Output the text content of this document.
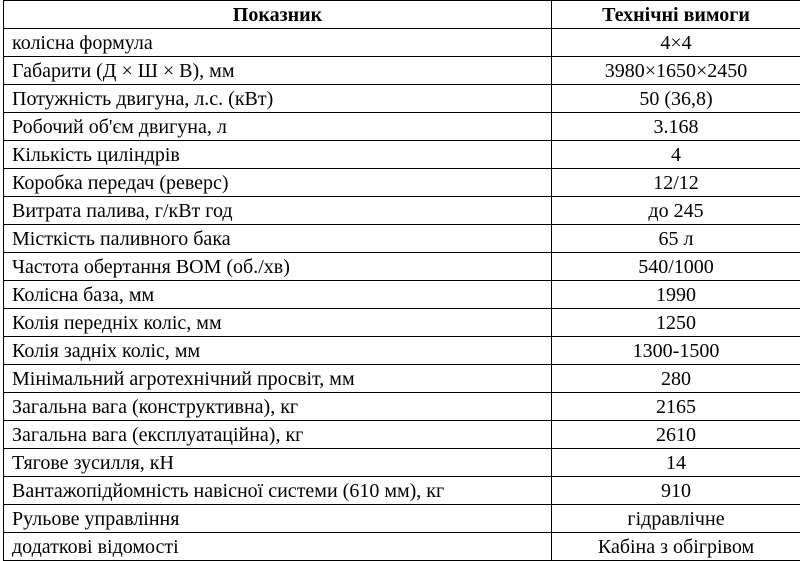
Показник	Технічні вимоги
колісна формула	4×4
Габарити (Д × Ш × В), мм	3980×1650×2450
Потужність двигуна, л.с. (кВт)	50 (36,8)
Робочий об'єм двигуна, л	3.168
Кількість циліндрів	4
Коробка передач (реверс)	12/12
Витрата палива, г/кВт год	до 245
Місткість паливного бака	65 л
Частота обертання ВОМ (об./хв)	540/1000
Колісна база, мм	1990
Колія передніх коліс, мм	1250
Колія задніх коліс, мм	1300-1500
Мінімальний агротехнічний просвіт, мм	280
Загальна вага (конструктивна), кг	2165
Загальна вага (експлуатаційна), кг	2610
Тягове зусилля, кН	14
Вантажопідйомність навісної системи (610 мм), кг	910
Рульове управління	гідравлічне
додаткові відомості	Кабіна з обігрівом
